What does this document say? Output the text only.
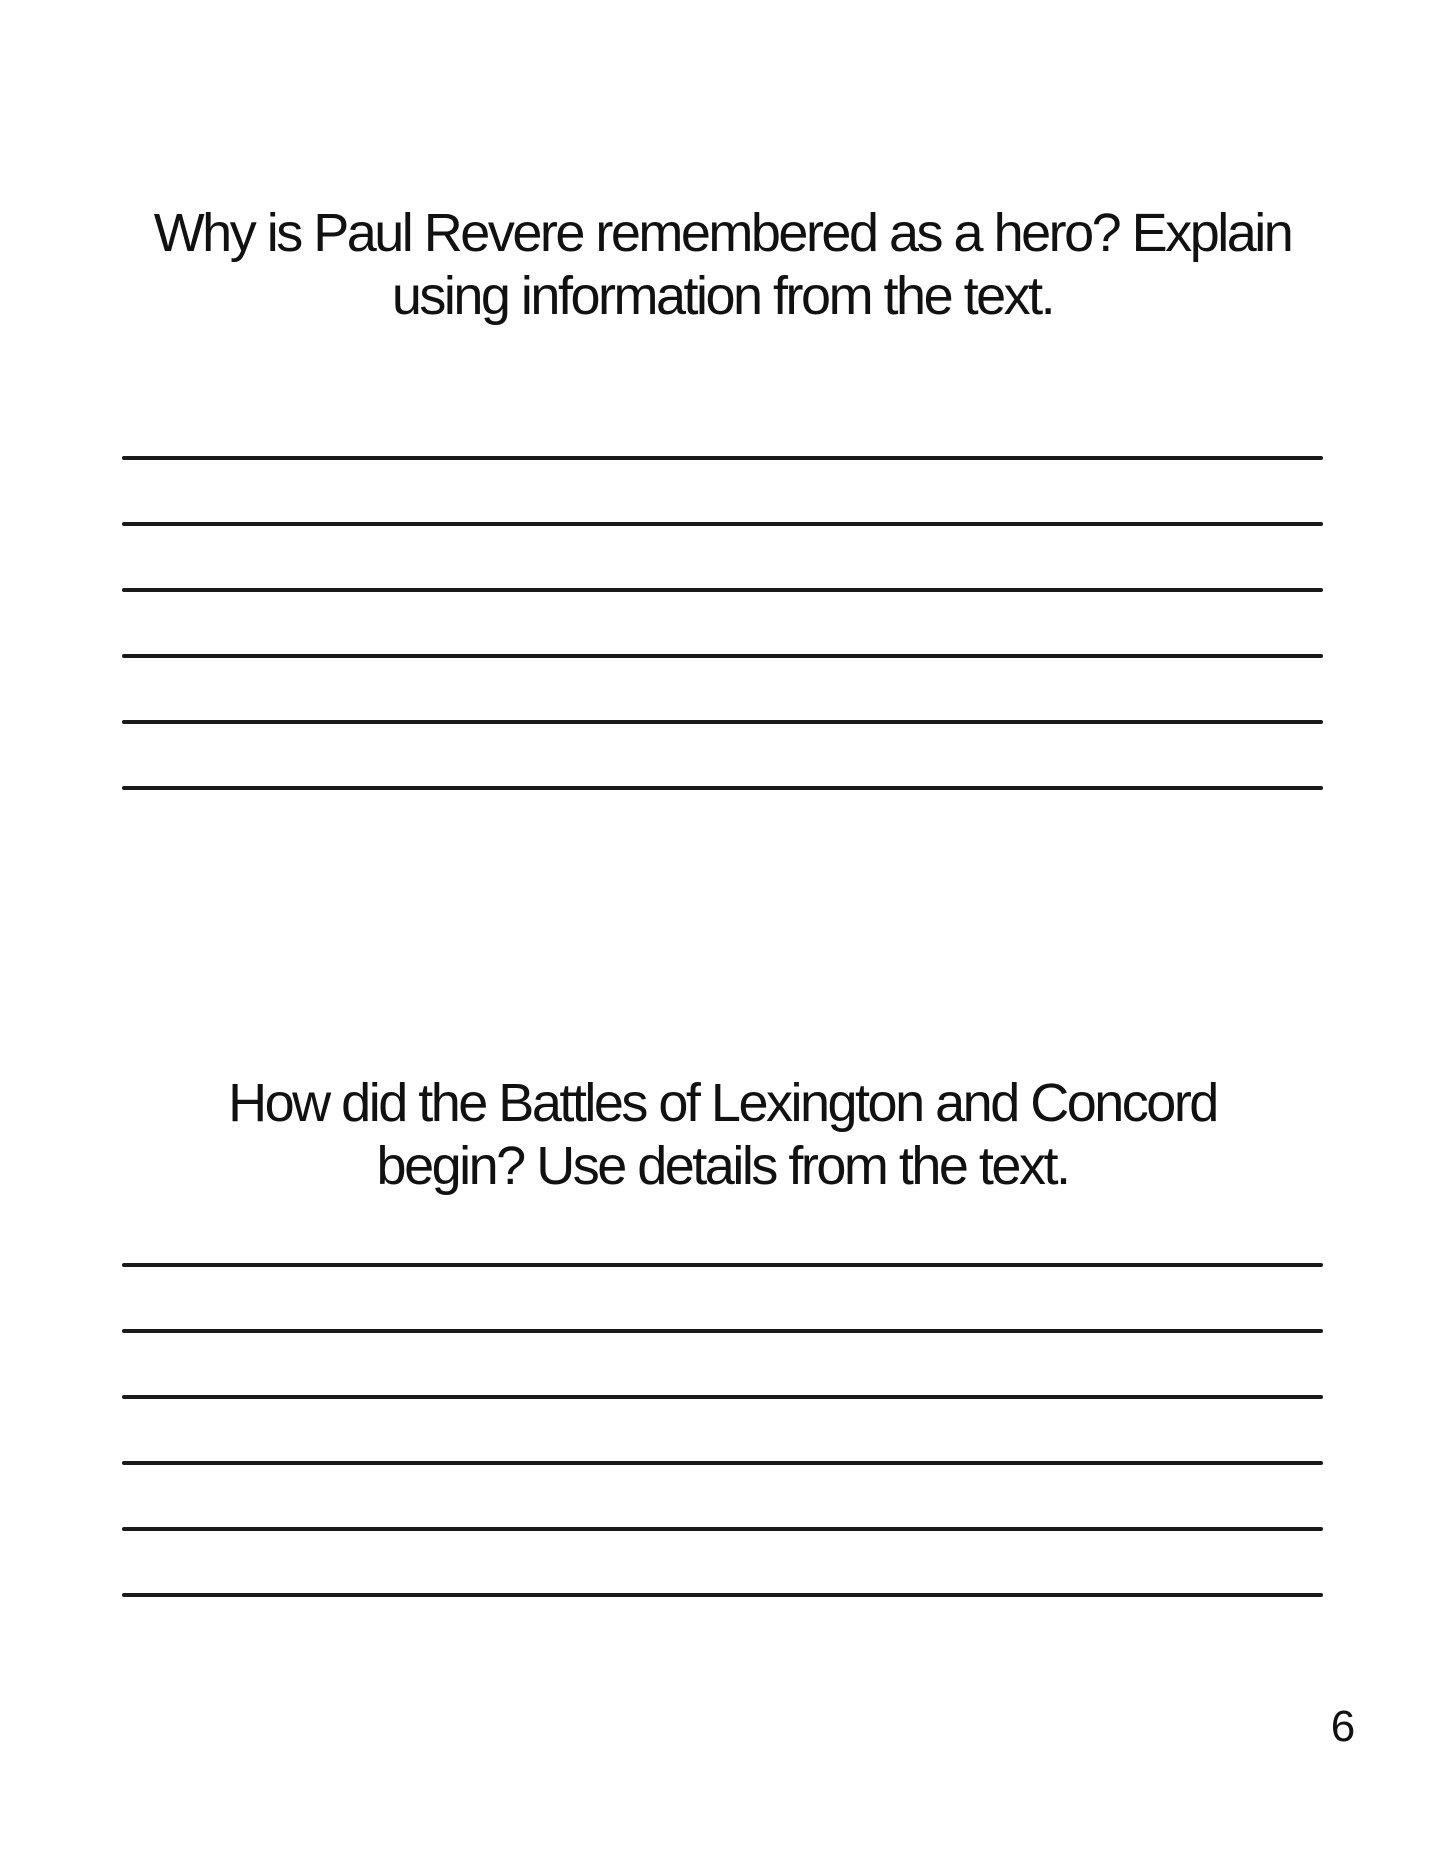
Why is Paul Revere remembered as a hero? Explain
using information from the text.
How did the Battles of Lexington and Concord
begin? Use details from the text.
6
